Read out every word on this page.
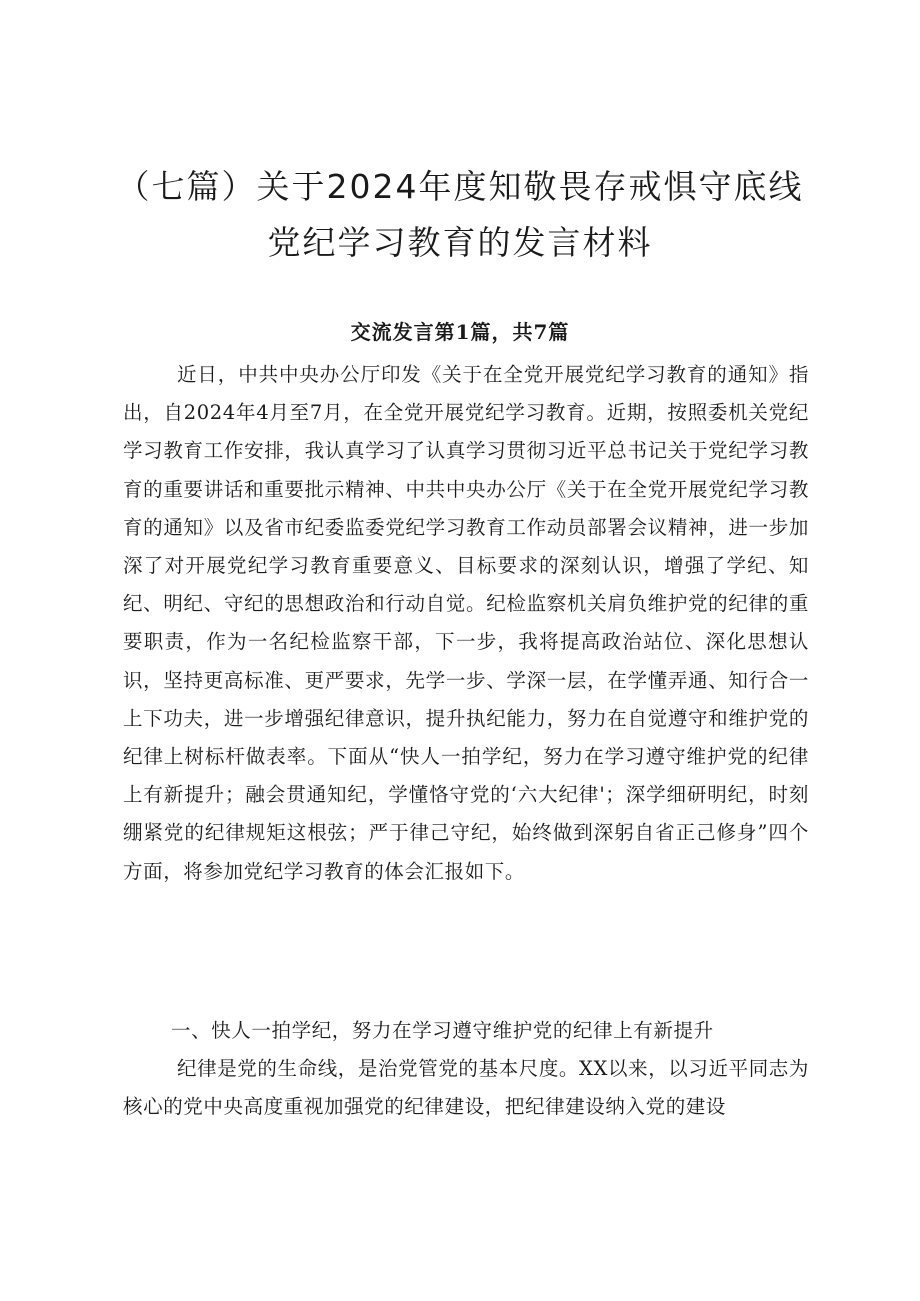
（七篇）关于2024年度知敬畏存戒惧守底线
党纪学习教育的发言材料

交流发言第1篇，共7篇

近日，中共中央办公厅印发《关于在全党开展党纪学习教育的通知》指出，自2024年4月至7月，在全党开展党纪学习教育。近期，按照委机关党纪学习教育工作安排，我认真学习了认真学习贯彻习近平总书记关于党纪学习教育的重要讲话和重要批示精神、中共中央办公厅《关于在全党开展党纪学习教育的通知》以及省市纪委监委党纪学习教育工作动员部署会议精神，进一步加深了对开展党纪学习教育重要意义、目标要求的深刻认识，增强了学纪、知纪、明纪、守纪的思想政治和行动自觉。纪检监察机关肩负维护党的纪律的重要职责，作为一名纪检监察干部，下一步，我将提高政治站位、深化思想认识，坚持更高标准、更严要求，先学一步、学深一层，在学懂弄通、知行合一上下功夫，进一步增强纪律意识，提升执纪能力，努力在自觉遵守和维护党的纪律上树标杆做表率。下面从“快人一拍学纪，努力在学习遵守维护党的纪律上有新提升；融会贯通知纪，学懂恪守党的‘六大纪律'；深学细研明纪，时刻绷紧党的纪律规矩这根弦；严于律己守纪，始终做到深躬自省正己修身”四个方面，将参加党纪学习教育的体会汇报如下。

一、快人一拍学纪，努力在学习遵守维护党的纪律上有新提升

纪律是党的生命线，是治党管党的基本尺度。XX以来，以习近平同志为核心的党中央高度重视加强党的纪律建设，把纪律建设纳入党的建设
